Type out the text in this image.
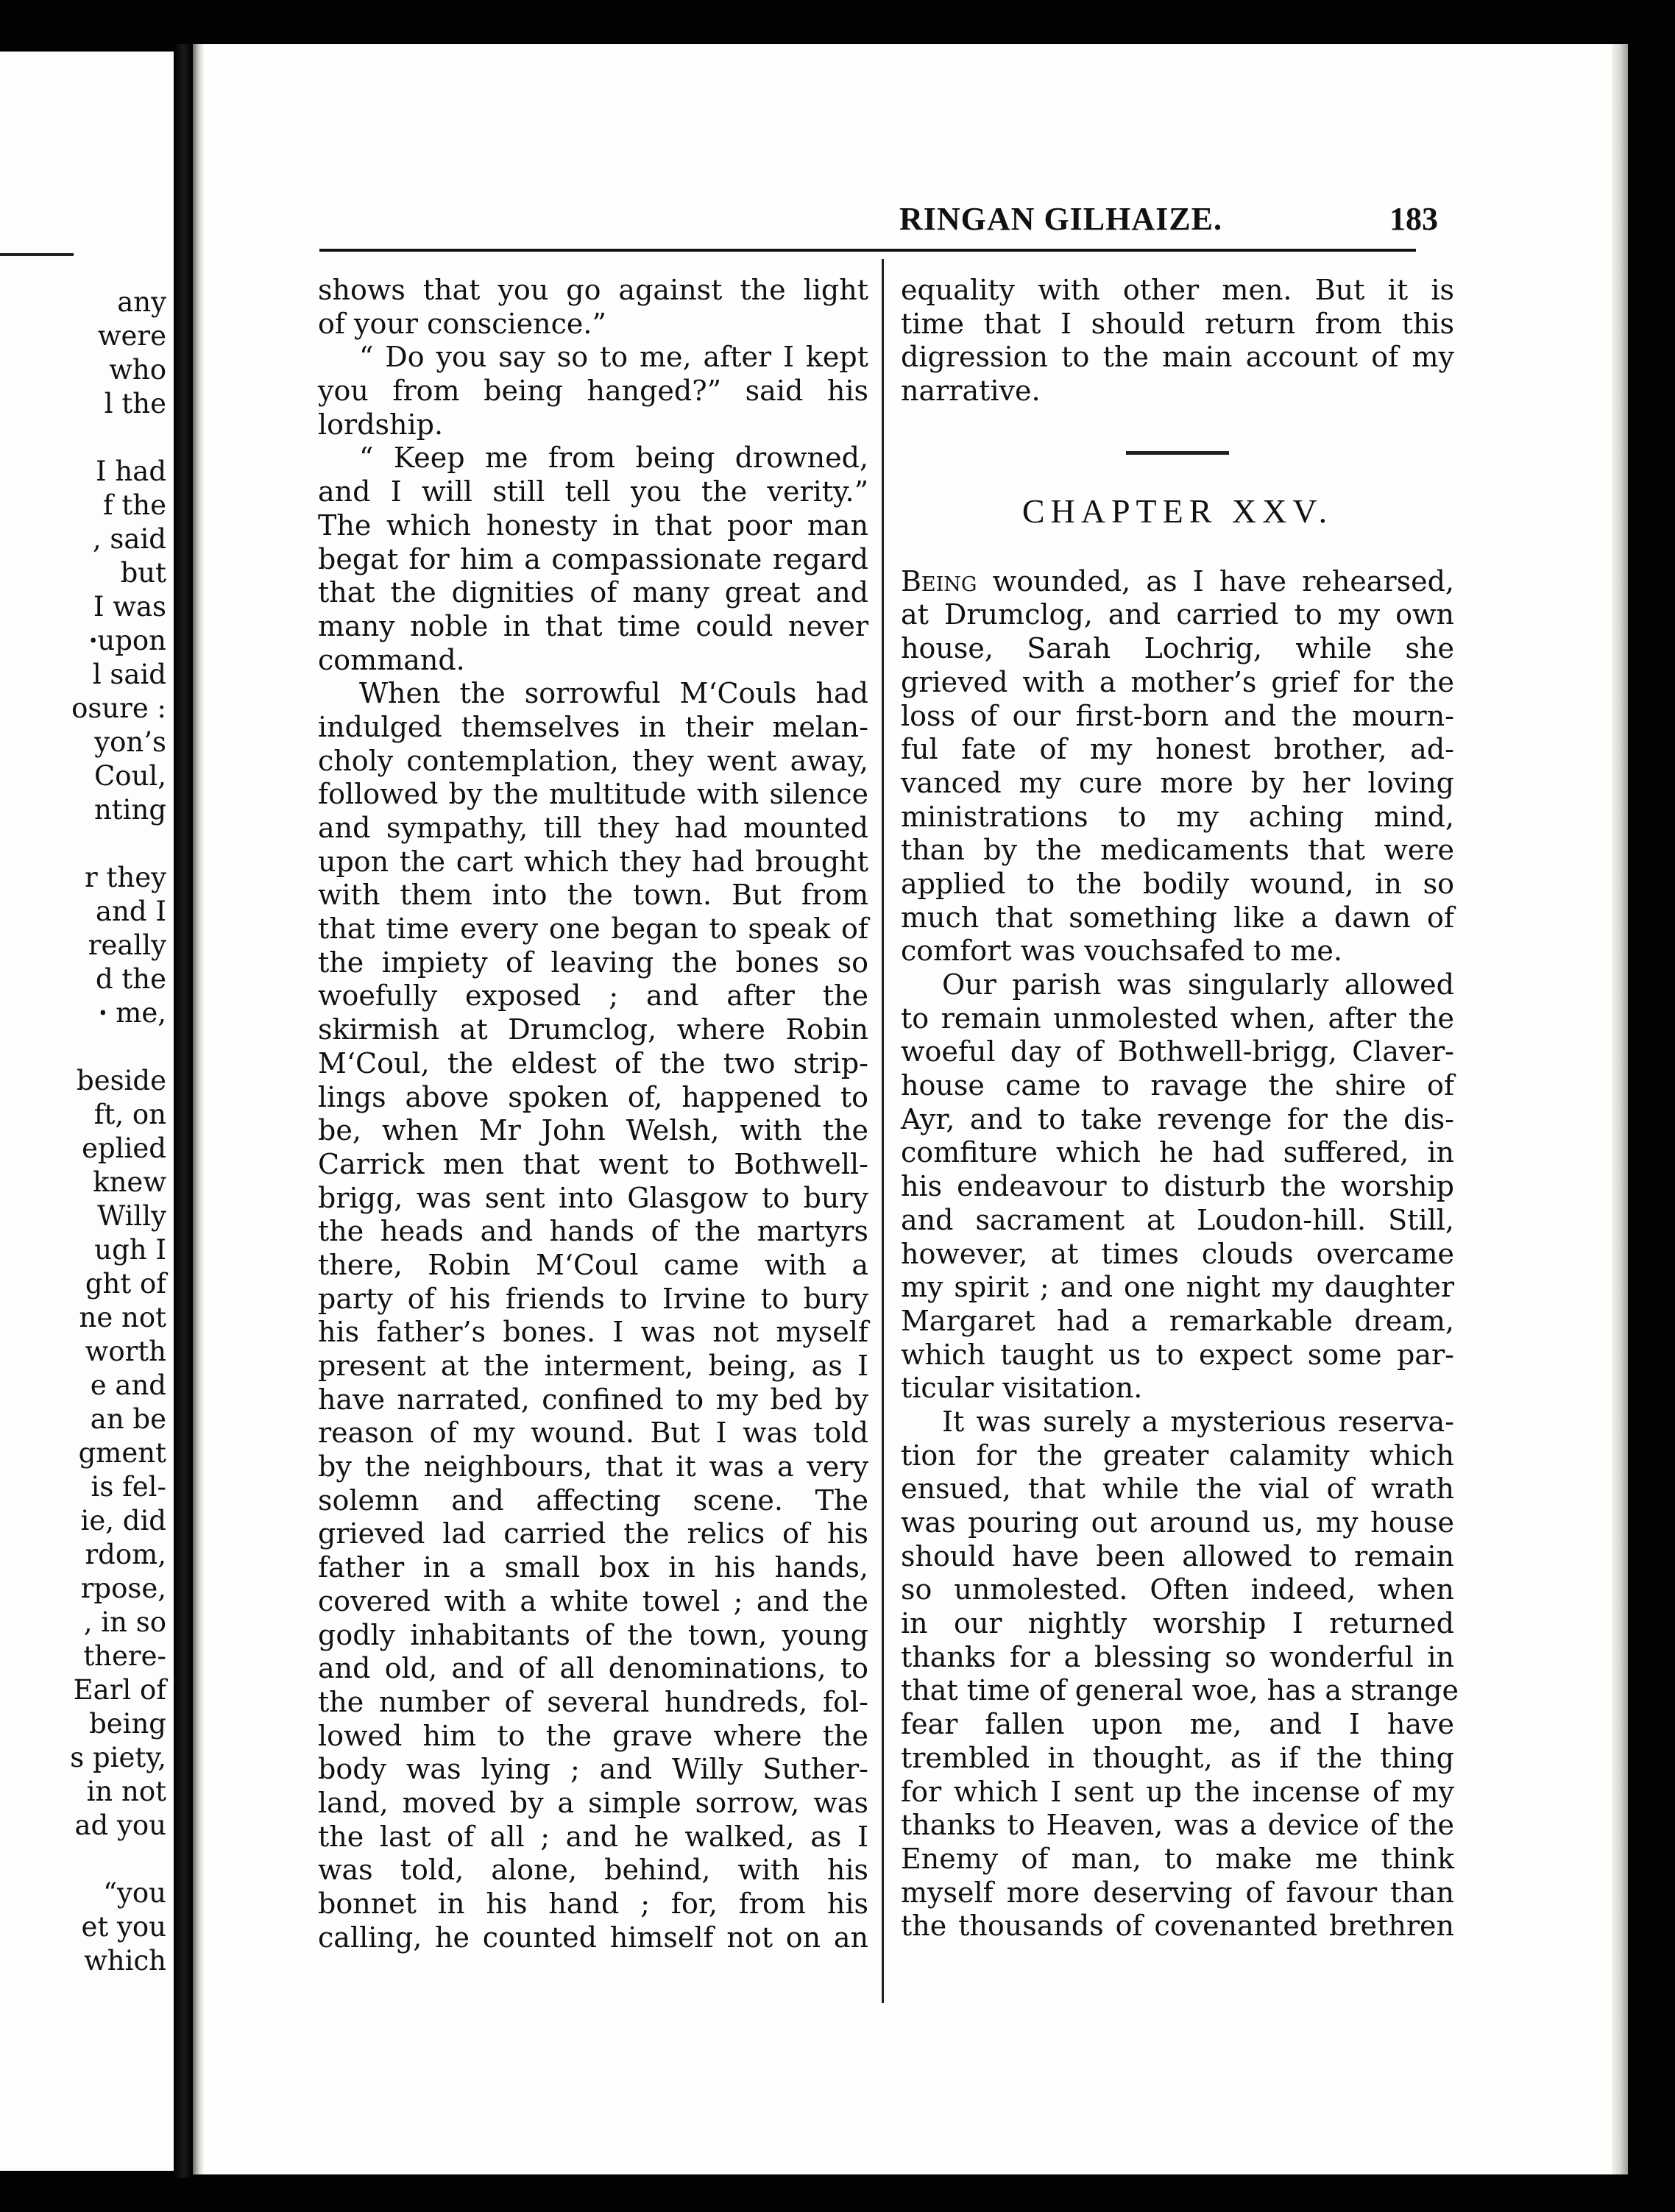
any

were

who

l the

I had

f the

, said

but

I was

ꞏupon

l said

osure :

yon’s

Coul,

nting

r they

and I

really

d the

ꞏ me,

beside

ft, on

eplied

knew

Willy

ugh I

ght of

ne not

worth

e and

an be

gment

is fel-

ie, did

rdom,

rpose,

, in so

there-

Earl of

being

s piety,

in not

ad you

“you

et you

which

RINGAN GILHAIZE.	183

shows that you go against the light
of your conscience.”
“ Do you say so to me, after I kept
you from being hanged?” said his
lordship.
“ Keep me from being drowned,
and I will still tell you the verity.”
The which honesty in that poor man
begat for him a compassionate regard
that the dignities of many great and
many noble in that time could never
command.
When the sorrowful M‘Couls had
indulged themselves in their melan-
choly contemplation, they went away,
followed by the multitude with silence
and sympathy, till they had mounted
upon the cart which they had brought
with them into the town. But from
that time every one began to speak of
the impiety of leaving the bones so
woefully exposed ; and after the
skirmish at Drumclog, where Robin
M‘Coul, the eldest of the two strip-
lings above spoken of, happened to
be, when Mr John Welsh, with the
Carrick men that went to Bothwell-
brigg, was sent into Glasgow to bury
the heads and hands of the martyrs
there, Robin M‘Coul came with a
party of his friends to Irvine to bury
his father’s bones. I was not myself
present at the interment, being, as I
have narrated, confined to my bed by
reason of my wound. But I was told
by the neighbours, that it was a very
solemn and affecting scene. The
grieved lad carried the relics of his
father in a small box in his hands,
covered with a white towel ; and the
godly inhabitants of the town, young
and old, and of all denominations, to
the number of several hundreds, fol-
lowed him to the grave where the
body was lying ; and Willy Suther-
land, moved by a simple sorrow, was
the last of all ; and he walked, as I
was told, alone, behind, with his
bonnet in his hand ; for, from his
calling, he counted himself not on an
equality with other men. But it is
time that I should return from this
digression to the main account of my
narrative.
CHAPTER XXV.
Being wounded, as I have rehearsed,
at Drumclog, and carried to my own
house, Sarah Lochrig, while she
grieved with a mother’s grief for the
loss of our first-born and the mourn-
ful fate of my honest brother, ad-
vanced my cure more by her loving
ministrations to my aching mind,
than by the medicaments that were
applied to the bodily wound, in so
much that something like a dawn of
comfort was vouchsafed to me.
Our parish was singularly allowed
to remain unmolested when, after the
woeful day of Bothwell-brigg, Claver-
house came to ravage the shire of
Ayr, and to take revenge for the dis-
comfiture which he had suffered, in
his endeavour to disturb the worship
and sacrament at Loudon-hill. Still,
however, at times clouds overcame
my spirit ; and one night my daughter
Margaret had a remarkable dream,
which taught us to expect some par-
ticular visitation.
It was surely a mysterious reserva-
tion for the greater calamity which
ensued, that while the vial of wrath
was pouring out around us, my house
should have been allowed to remain
so unmolested. Often indeed, when
in our nightly worship I returned
thanks for a blessing so wonderful in
that time of general woe, has a strange
fear fallen upon me, and I have
trembled in thought, as if the thing
for which I sent up the incense of my
thanks to Heaven, was a device of the
Enemy of man, to make me think
myself more deserving of favour than
the thousands of covenanted brethren
